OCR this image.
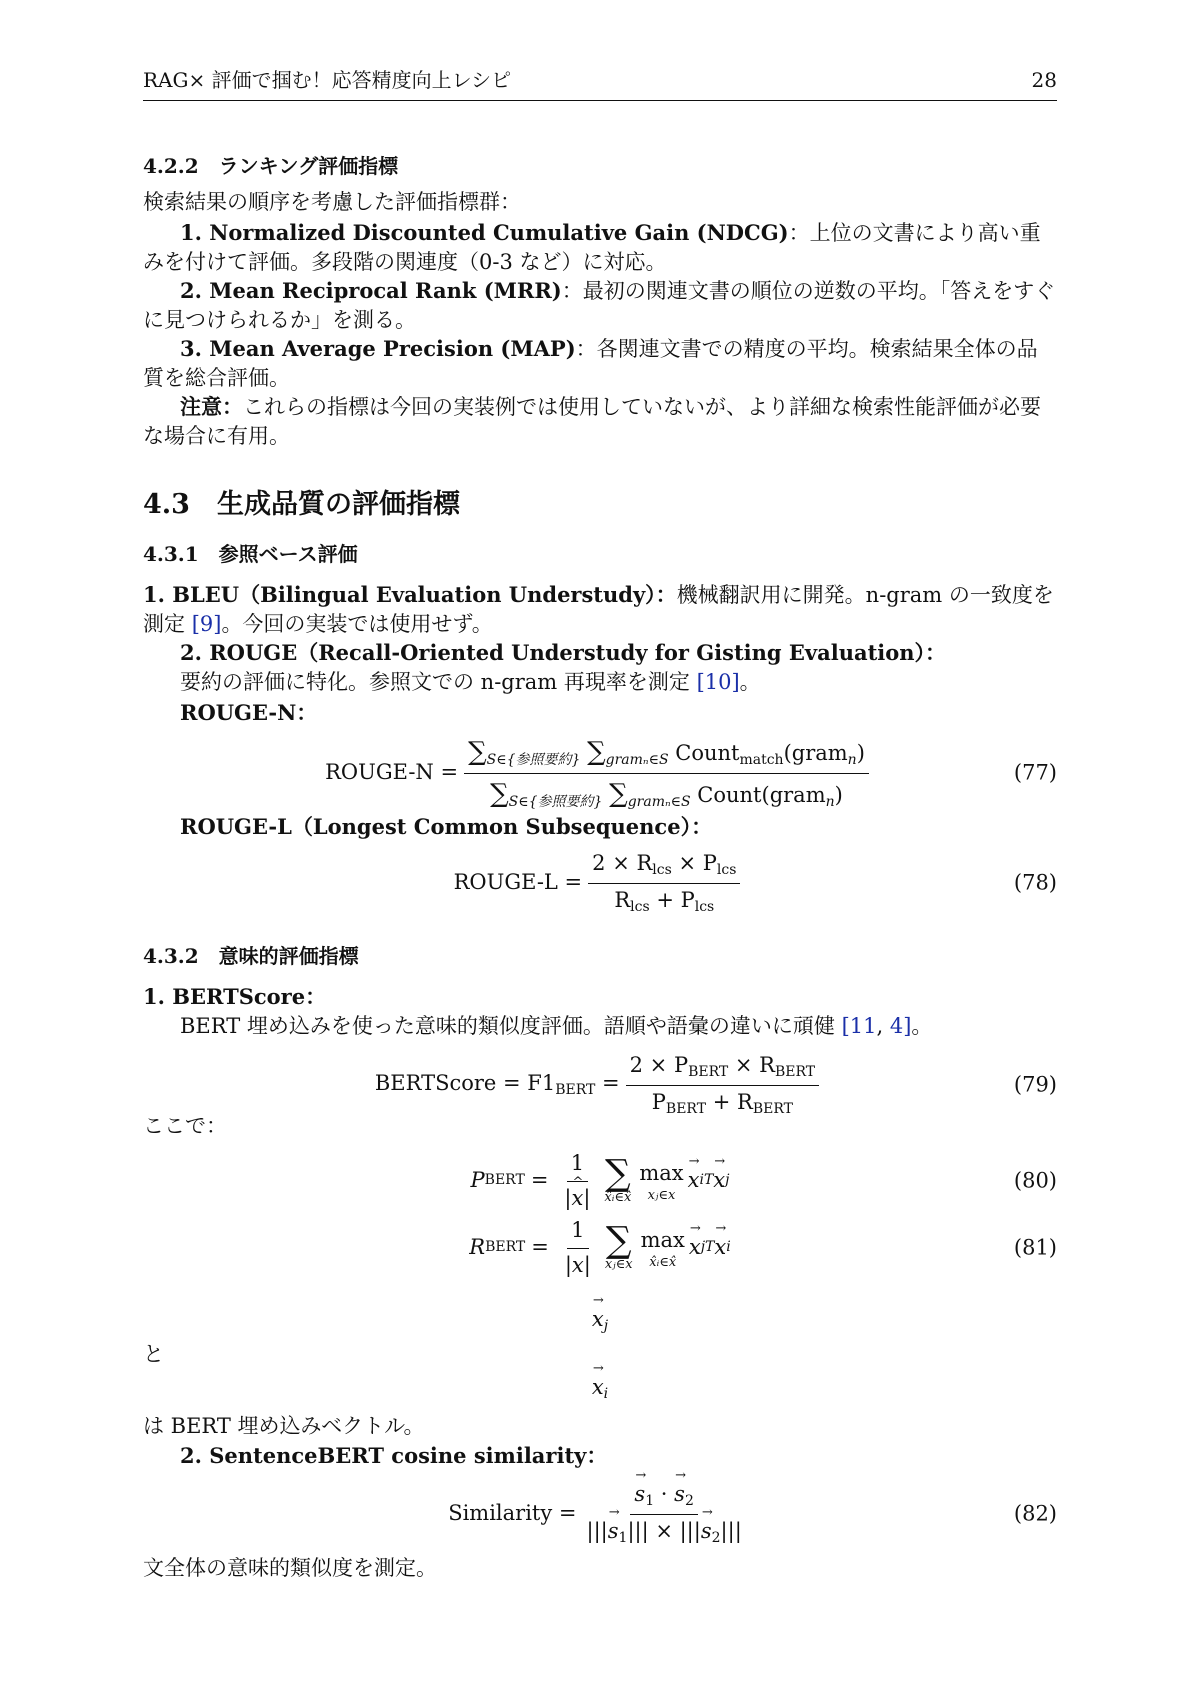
RAG× 評価で掴む！応答精度向上レシピ	28
4.2.2　ランキング評価指標
検索結果の順序を考慮した評価指標群：
1. Normalized Discounted Cumulative Gain (NDCG)：上位の文書により高い重みを付けて評価。多段階の関連度（0-3 など）に対応。
2. Mean Reciprocal Rank (MRR)：最初の関連文書の順位の逆数の平均。「答えをすぐに見つけられるか」を測る。
3. Mean Average Precision (MAP)：各関連文書での精度の平均。検索結果全体の品質を総合評価。
注意：これらの指標は今回の実装例では使用していないが、より詳細な検索性能評価が必要な場合に有用。
4.3　生成品質の評価指標
4.3.1　参照ベース評価
1. BLEU（Bilingual Evaluation Understudy）：機械翻訳用に開発。n-gram の一致度を測定 [9]。今回の実装では使用せず。
2. ROUGE（Recall-Oriented Understudy for Gisting Evaluation）：
要約の評価に特化。参照文での n-gram 再現率を測定 [10]。
ROUGE-N：
ROUGE-N = $\frac{\sum_{S\in\{参照要約\}} \sum_{gram_n\in S} Count_{match}(gram_n)}{\sum_{S\in\{参照要約\}} \sum_{gram_n\in S} Count(gram_n)}$	(77)
ROUGE-L（Longest Common Subsequence）：
ROUGE-L = $\frac{2 \times R_{lcs} \times P_{lcs}}{R_{lcs} + P_{lcs}}$	(78)
4.3.2　意味的評価指標
1. BERTScore：
BERT 埋め込みを使った意味的類似度評価。語順や語彙の違いに頑健 [11, 4]。
BERTScore = $F1_{BERT} = \frac{2 \times P_{BERT} \times R_{BERT}}{P_{BERT} + R_{BERT}}$	(79)
ここで：
P BERT = $\frac{1}{|x \^{}|}$ ∑
x̂ᵢ∈x̂
max
xⱼ∈x
→ x i T → x j	(80)
R BERT = $\frac{1}{|x|}$ ∑
xⱼ∈x
max
x̂ᵢ∈x̂
→ x j T → x i	(81)
→ $x_j$
と
→ $x_i$
は BERT 埋め込みベクトル。
2. SentenceBERT cosine similarity：
Similarity = → $\frac{s_1 \cdot \to s_2}{|||\to s_1||| \times |||\to s_2|||}$	(82)
文全体の意味的類似度を測定。
